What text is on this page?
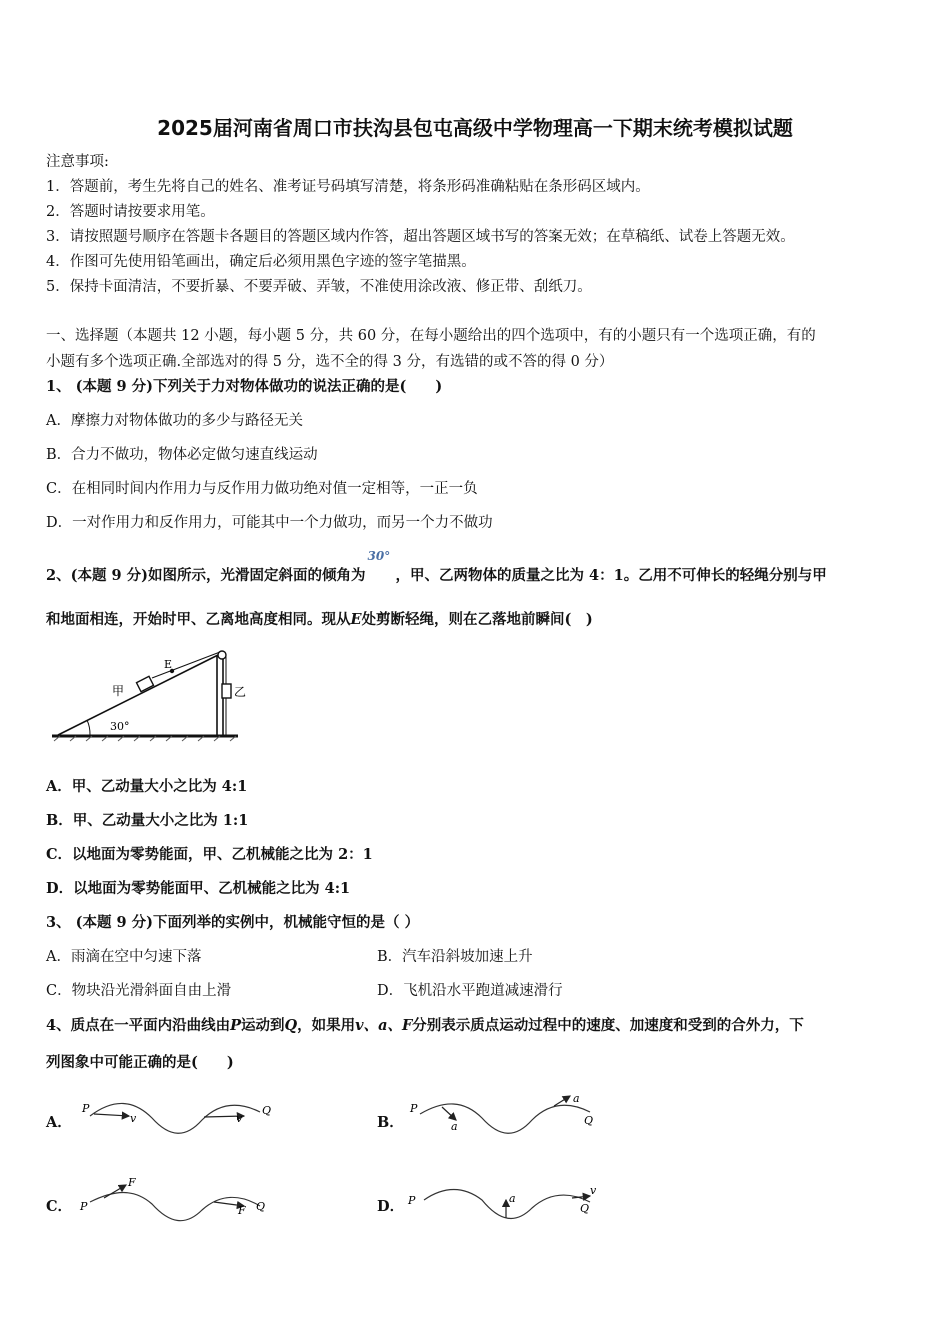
2025届河南省周口市扶沟县包屯高级中学物理高一下期末统考模拟试题
注意事项:
1．答题前，考生先将自己的姓名、准考证号码填写清楚，将条形码准确粘贴在条形码区域内。
2．答题时请按要求用笔。
3．请按照题号顺序在答题卡各题目的答题区域内作答，超出答题区域书写的答案无效；在草稿纸、试卷上答题无效。
4．作图可先使用铅笔画出，确定后必须用黑色字迹的签字笔描黑。
5．保持卡面清洁，不要折暴、不要弄破、弄皱，不准使用涂改液、修正带、刮纸刀。
一、选择题（本题共 12 小题，每小题 5 分，共 60 分，在每小题给出的四个选项中，有的小题只有一个选项正确，有的
小题有多个选项正确.全部选对的得 5 分，选不全的得 3 分，有选错的或不答的得 0 分）
1、 (本题 9 分)下列关于力对物体做功的说法正确的是(　　)
A．摩擦力对物体做功的多少与路径无关
B．合力不做功，物体必定做匀速直线运动
C．在相同时间内作用力与反作用力做功绝对值一定相等，一正一负
D．一对作用力和反作用力，可能其中一个力做功，而另一个力不做功
2、(本题 9 分)如图所示，光滑固定斜面的倾角为
30°
，甲、乙两物体的质量之比为 4：1。乙用不可伸长的轻绳分别与甲
和地面相连，开始时甲、乙离地高度相同。现从E处剪断轻绳，则在乙落地前瞬间(　)
甲
E
乙
30°
A．甲、乙动量大小之比为 4:1
B．甲、乙动量大小之比为 1:1
C．以地面为零势能面，甲、乙机械能之比为 2：1
D．以地面为零势能面甲、乙机械能之比为 4:1
3、 (本题 9 分)下面列举的实例中，机械能守恒的是（ ）
A．雨滴在空中匀速下落	B．汽车沿斜坡加速上升
C．物块沿光滑斜面自由上滑	D．飞机沿水平跑道减速滑行
4、质点在一平面内沿曲线由P运动到Q，如果用v、a、F分别表示质点运动过程中的速度、加速度和受到的合外力，下
列图象中可能正确的是(　　)
A．
P
v	v
Q
B．
P
a
a
Q
C． P
F
F Q	D． P	a
v
Q
